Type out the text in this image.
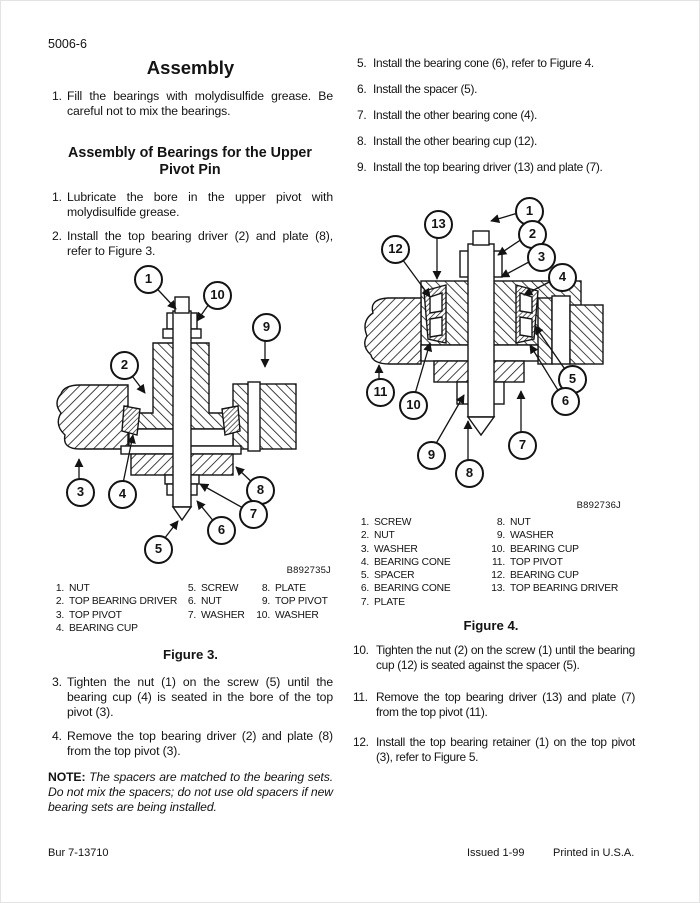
5006-6
Assembly
1. Fill the bearings with molydisulfide grease. Be careful not to mix the bearings.
Assembly of Bearings for the Upper Pivot Pin
1. Lubricate the bore in the upper pivot with molydisulfide grease.
2. Install the top bearing driver (2) and plate (8), refer to Figure 3.
1
10
9
2
3	4	8
7
6
5
B892735J
1. NUT
2. TOP BEARING DRIVER
3. TOP PIVOT
4. BEARING CUP
5. SCREW
6. NUT
7. WASHER
8. PLATE
9. TOP PIVOT
10. WASHER
Figure 3.
3. Tighten the nut (1) on the screw (5) until the bearing cup (4) is seated in the bore of the top pivot (3).
4. Remove the top bearing driver (2) and plate (8) from the top pivot (3).
NOTE: The spacers are matched to the bearing sets. Do not mix the spacers; do not use old spacers if new bearing sets are being installed.
5. Install the bearing cone (6), refer to Figure 4.
6. Install the spacer (5).
7. Install the other bearing cone (4).
8. Install the other bearing cup (12).
9. Install the top bearing driver (13) and plate (7).
1
2
3
13
12
4
5
6
11
10
9
8
7
B892736J
1. SCREW
2. NUT
3. WASHER
4. BEARING CONE
5. SPACER
6. BEARING CONE
7. PLATE
8. NUT
9. WASHER
10. BEARING CUP
11. TOP PIVOT
12. BEARING CUP
13. TOP BEARING DRIVER
Figure 4.
10. Tighten the nut (2) on the screw (1) until the bearing cup (12) is seated against the spacer (5).
11. Remove the top bearing driver (13) and plate (7) from the top pivot (11).
12. Install the top bearing retainer (1) on the top pivot (3), refer to Figure 5.
Bur 7-13710	Issued 1-99	Printed in U.S.A.
